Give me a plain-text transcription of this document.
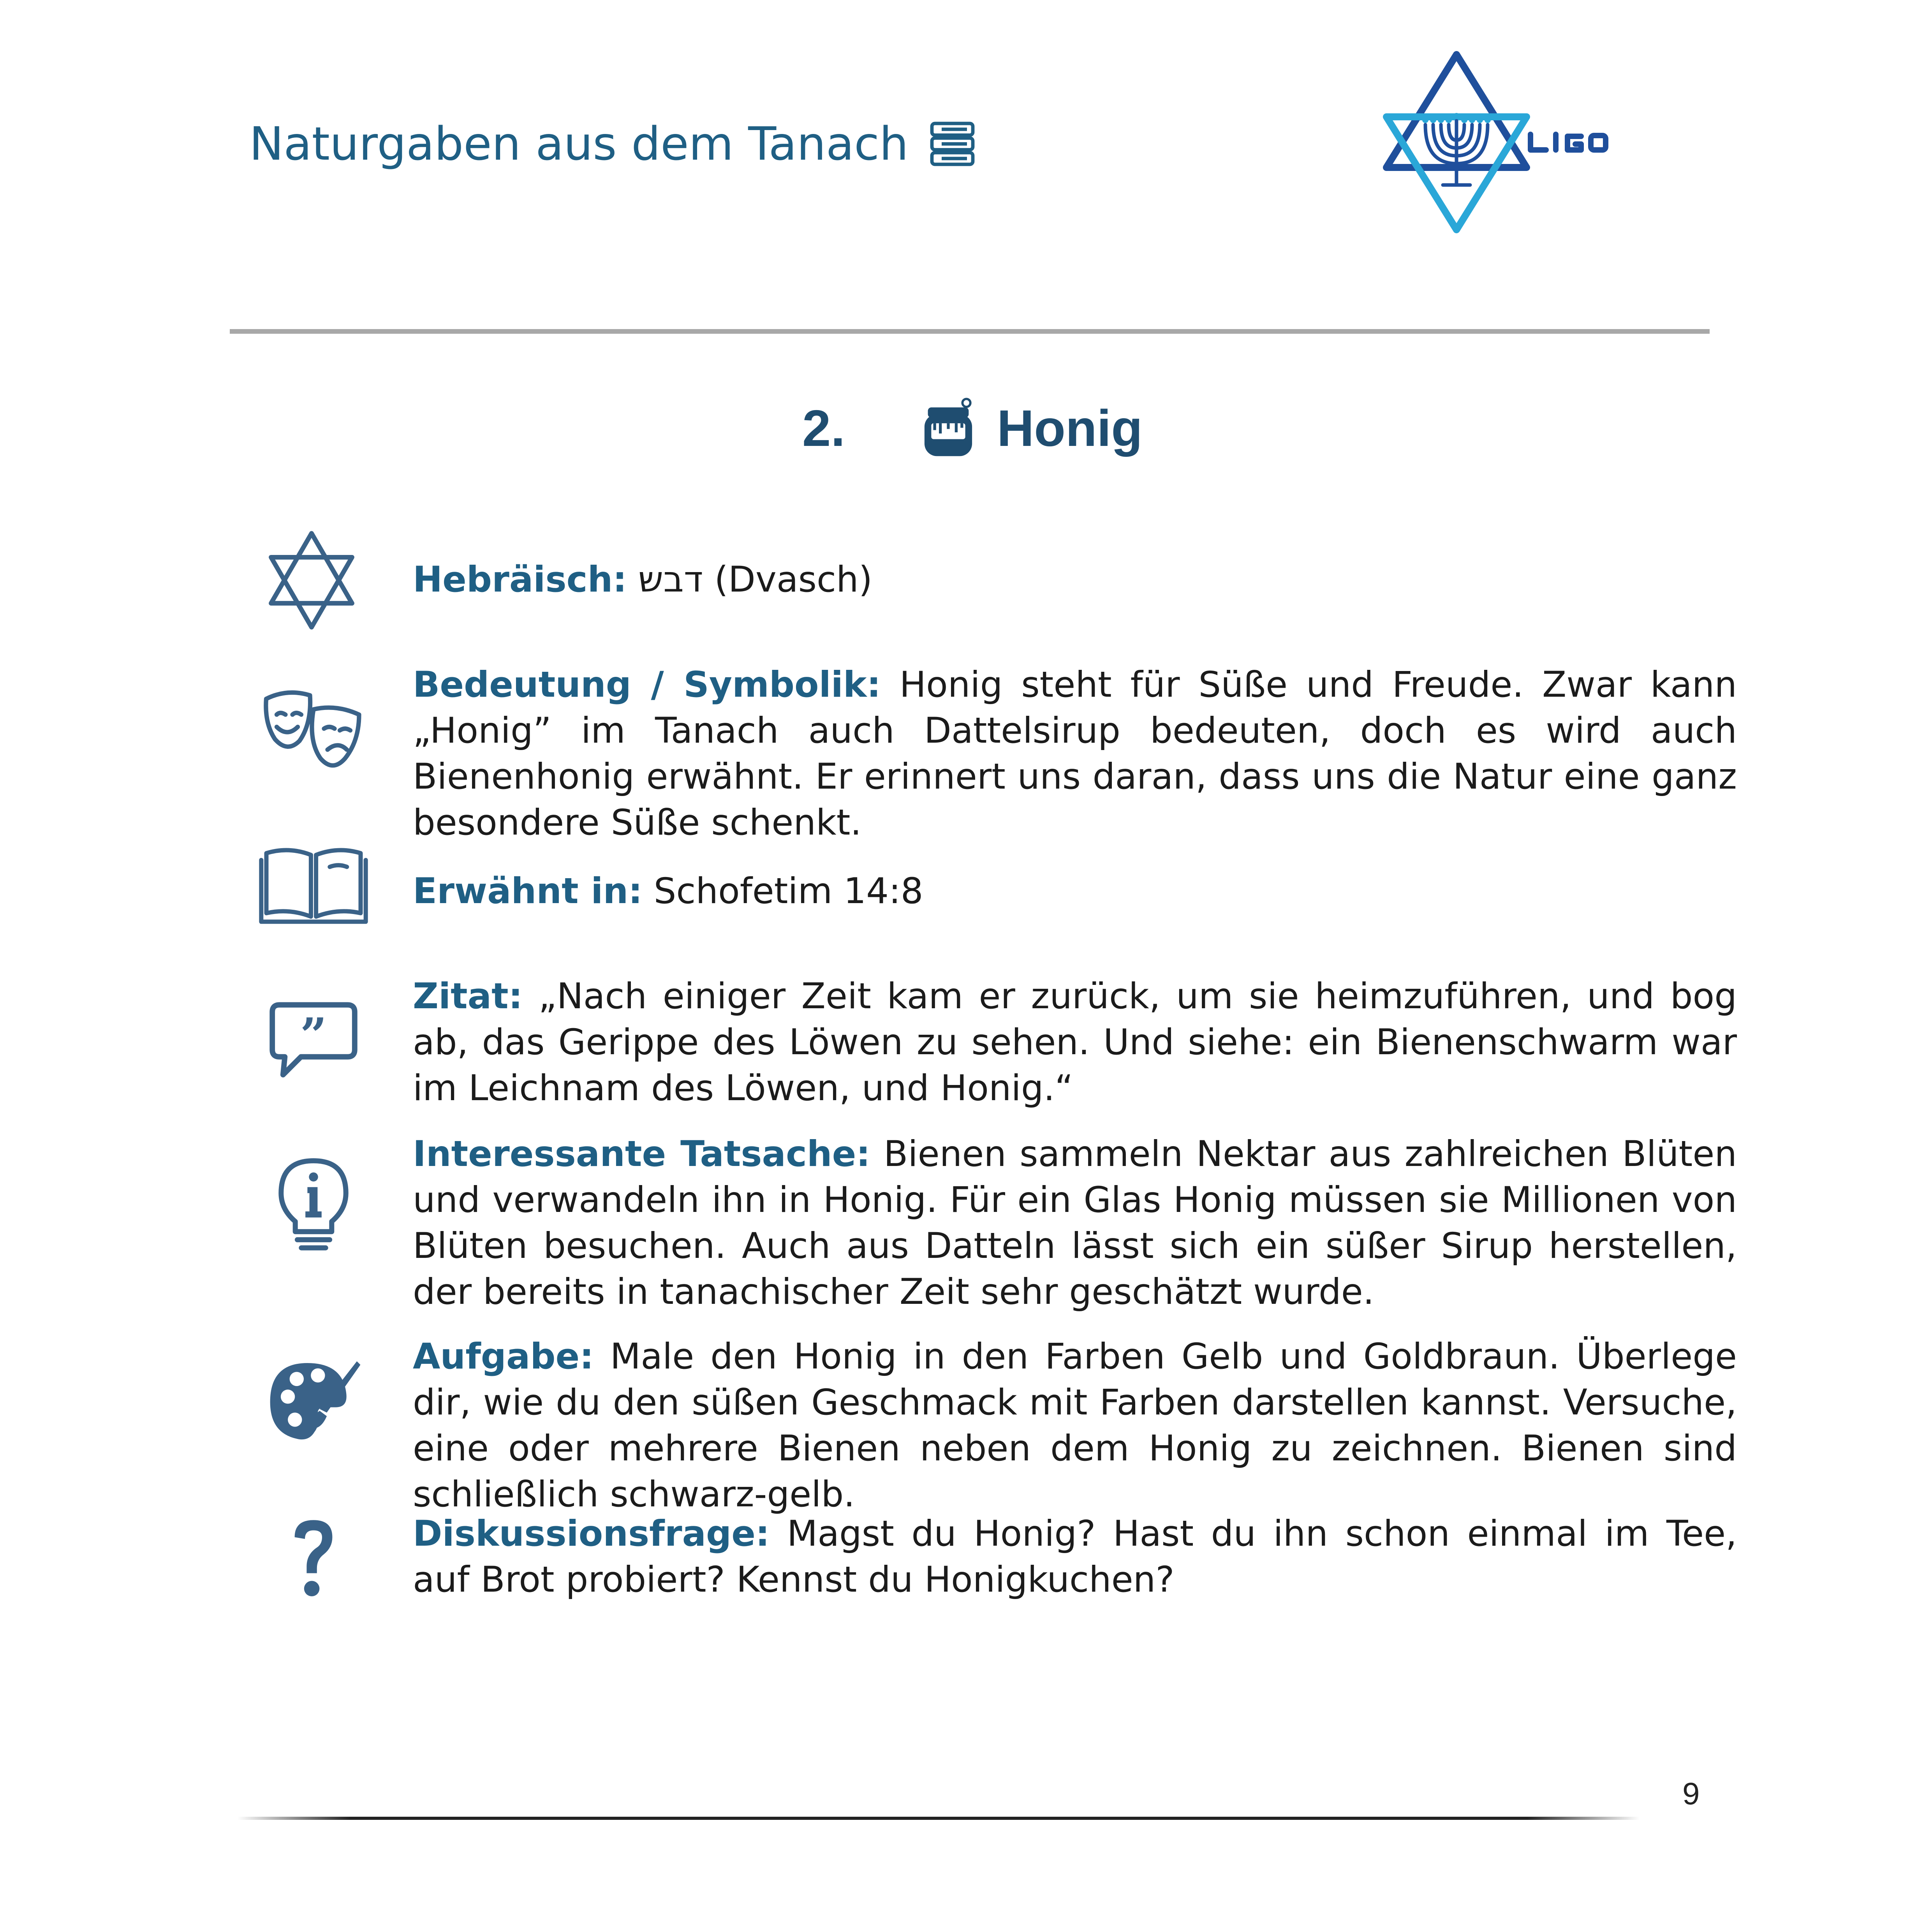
Naturgaben aus dem Tanach
2.	Honig
Hebräisch: דבש (Dvasch)
Bedeutung / Symbolik: Honig steht für Süße und Freude. Zwar kann „Honig” im Tanach auch Dattelsirup bedeuten, doch es wird auch Bienenhonig erwähnt. Er erinnert uns daran, dass uns die Natur eine ganz besondere Süße schenkt.
Erwähnt in: Schofetim 14:8
”
Zitat: „Nach einiger Zeit kam er zurück, um sie heimzuführen, und bog ab, das Gerippe des Löwen zu sehen. Und siehe: ein Bienenschwarm war im Leichnam des Löwen, und Honig.“
Interessante Tatsache: Bienen sammeln Nektar aus zahlreichen Blüten und verwandeln ihn in Honig. Für ein Glas Honig müssen sie Millionen von Blüten besuchen. Auch aus Datteln lässt sich ein süßer Sirup herstellen, der bereits in tanachischer Zeit sehr geschätzt wurde.
Aufgabe: Male den Honig in den Farben Gelb und Goldbraun. Überlege dir, wie du den süßen Geschmack mit Farben darstellen kannst. Versuche, eine oder mehrere Bienen neben dem Honig zu zeichnen. Bienen sind schließlich schwarz-gelb.
Diskussionsfrage: Magst du Honig? Hast du ihn schon einmal im Tee, auf Brot probiert? Kennst du Honigkuchen?
9
